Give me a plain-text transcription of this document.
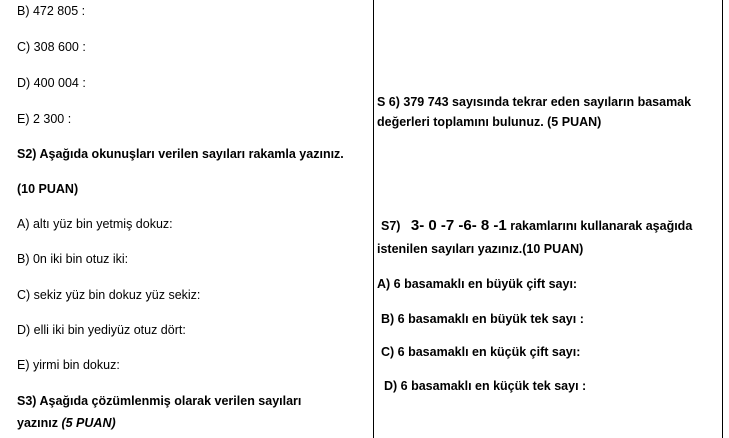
B) 472 805 :
C) 308 600 :
D) 400 004 :
E) 2 300 :
S2) Aşağıda okunuşları verilen sayıları rakamla yazınız.
(10 PUAN)
A) altı yüz bin yetmiş dokuz:
B) 0n iki bin otuz iki:
C) sekiz yüz bin dokuz yüz sekiz:
D) elli iki bin yediyüz otuz dört:
E) yirmi bin dokuz:
S3) Aşağıda çözümlenmiş olarak verilen sayıları
yazınız (5 PUAN)
S 6) 379 743 sayısında tekrar eden sayıların basamak
değerleri toplamını bulunuz. (5 PUAN)
S7) 3- 0 -7 -6- 8 -1 rakamlarını kullanarak aşağıda
istenilen sayıları yazınız.(10 PUAN)
A) 6 basamaklı en büyük çift sayı:
B) 6 basamaklı en büyük tek sayı :
C) 6 basamaklı en küçük çift sayı:
D) 6 basamaklı en küçük tek sayı :
